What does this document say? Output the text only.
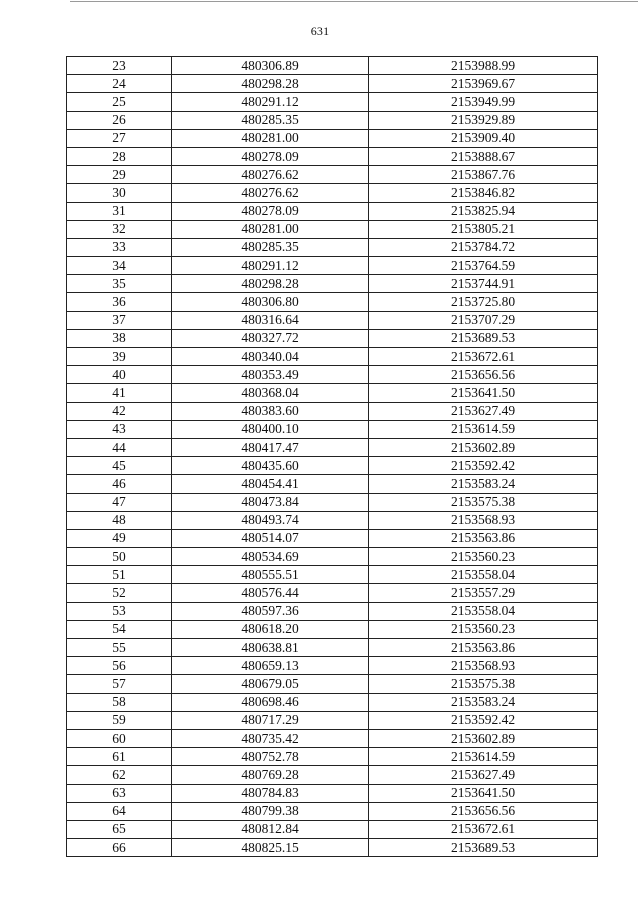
631
23	480306.89	2153988.99
24	480298.28	2153969.67
25	480291.12	2153949.99
26	480285.35	2153929.89
27	480281.00	2153909.40
28	480278.09	2153888.67
29	480276.62	2153867.76
30	480276.62	2153846.82
31	480278.09	2153825.94
32	480281.00	2153805.21
33	480285.35	2153784.72
34	480291.12	2153764.59
35	480298.28	2153744.91
36	480306.80	2153725.80
37	480316.64	2153707.29
38	480327.72	2153689.53
39	480340.04	2153672.61
40	480353.49	2153656.56
41	480368.04	2153641.50
42	480383.60	2153627.49
43	480400.10	2153614.59
44	480417.47	2153602.89
45	480435.60	2153592.42
46	480454.41	2153583.24
47	480473.84	2153575.38
48	480493.74	2153568.93
49	480514.07	2153563.86
50	480534.69	2153560.23
51	480555.51	2153558.04
52	480576.44	2153557.29
53	480597.36	2153558.04
54	480618.20	2153560.23
55	480638.81	2153563.86
56	480659.13	2153568.93
57	480679.05	2153575.38
58	480698.46	2153583.24
59	480717.29	2153592.42
60	480735.42	2153602.89
61	480752.78	2153614.59
62	480769.28	2153627.49
63	480784.83	2153641.50
64	480799.38	2153656.56
65	480812.84	2153672.61
66	480825.15	2153689.53
